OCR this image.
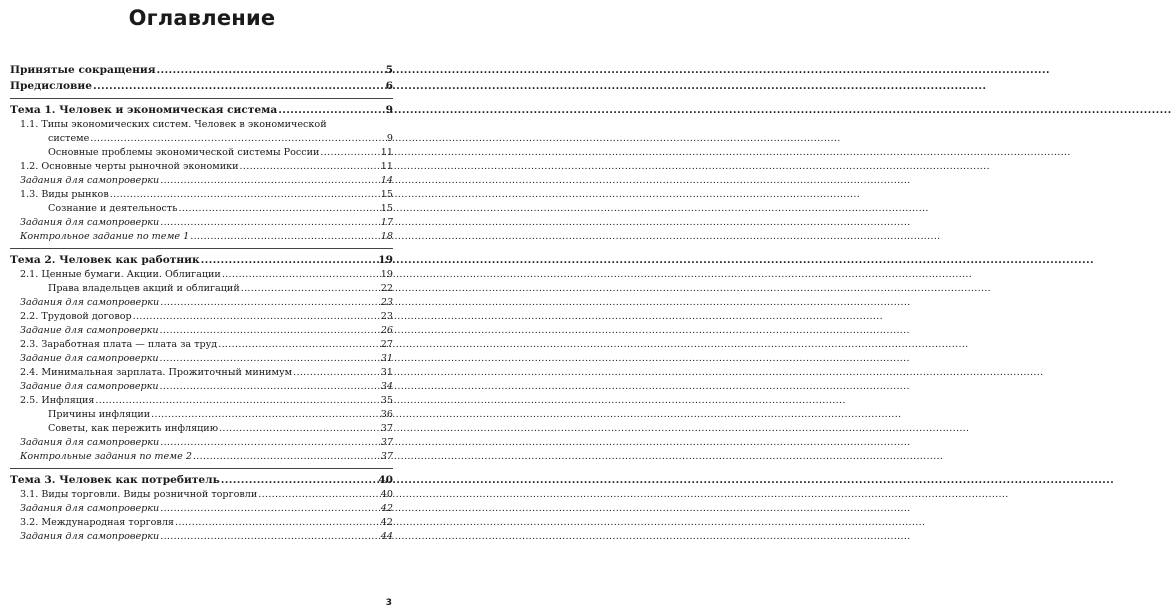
Оглавление
Принятые сокращения .....	5
Предисловие .....	6
Тема 1. Человек и экономическая система .....	9
1.1. Типы экономических систем. Человек в экономической
системе .....	9
Основные проблемы экономической системы России .....	11
1.2. Основные черты рыночной экономики .....	11
Задания для самопроверки .....	14
1.3. Виды рынков .....	15
Сознание и деятельность .....	15
Задания для самопроверки .....	17
Контрольное задание по теме 1 .....	18
Тема 2. Человек как работник .....	19
2.1. Ценные бумаги. Акции. Облигации .....	19
Права владельцев акций и облигаций .....	22
Задания для самопроверки .....	23
2.2. Трудовой договор .....	23
Задание для самопроверки .....	26
2.3. Заработная плата — плата за труд .....	27
Задание для самопроверки .....	31
2.4. Минимальная зарплата. Прожиточный минимум .....	31
Задание для самопроверки .....	34
2.5. Инфляция .....	35
Причины инфляции .....	36
Советы, как пережить инфляцию .....	37
Задания для самопроверки .....	37
Контрольные задания по теме 2 .....	37
Тема 3. Человек как потребитель .....	40
3.1. Виды торговли. Виды розничной торговли .....	40
Задания для самопроверки .....	42
3.2. Международная торговля .....	42
Задания для самопроверки .....	44
3
